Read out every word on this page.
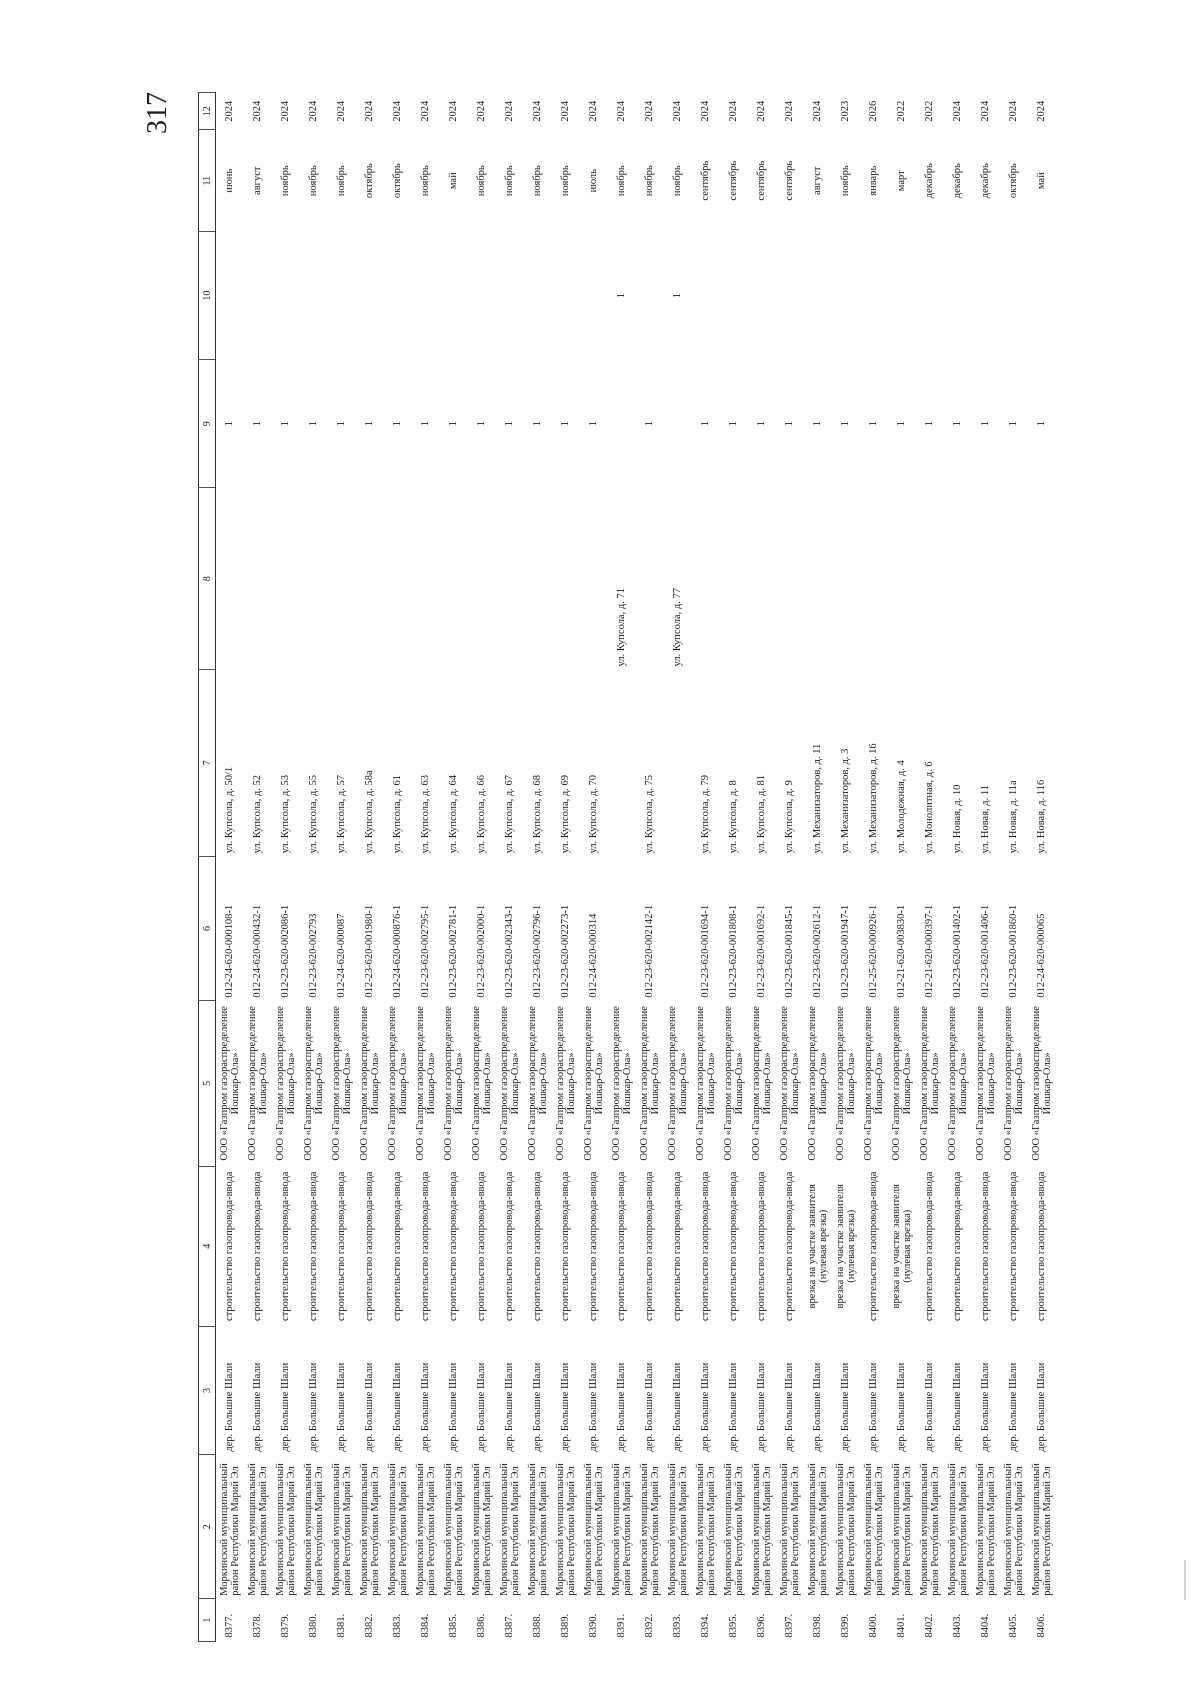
317
1	2	3	4	5	6	7	8	9	10	11	12
8377.	Моркинский муниципальный район Республики Марий Эл	дер. Большие Шали	строительство газопровода-ввода	ООО «Газпром газораспределение Йошкар-Ола»	012-24-620-000108-1	ул. Купсола, д. 50/1		1		июнь	2024
8378.	Моркинский муниципальный район Республики Марий Эл	дер. Большие Шали	строительство газопровода-ввода	ООО «Газпром газораспределение Йошкар-Ола»	012-24-620-000432-1	ул. Купсола, д. 52		1		август	2024
8379.	Моркинский муниципальный район Республики Марий Эл	дер. Большие Шали	строительство газопровода-ввода	ООО «Газпром газораспределение Йошкар-Ола»	012-23-620-002086-1	ул. Купсола, д. 53		1		ноябрь	2024
8380.	Моркинский муниципальный район Республики Марий Эл	дер. Большие Шали	строительство газопровода-ввода	ООО «Газпром газораспределение Йошкар-Ола»	012-23-620-002793	ул. Купсола, д. 55		1		ноябрь	2024
8381.	Моркинский муниципальный район Республики Марий Эл	дер. Большие Шали	строительство газопровода-ввода	ООО «Газпром газораспределение Йошкар-Ола»	012-24-620-000087	ул. Купсола, д. 57		1		ноябрь	2024
8382.	Моркинский муниципальный район Республики Марий Эл	дер. Большие Шали	строительство газопровода-ввода	ООО «Газпром газораспределение Йошкар-Ола»	012-23-620-001980-1	ул. Купсола, д. 58а		1		октябрь	2024
8383.	Моркинский муниципальный район Республики Марий Эл	дер. Большие Шали	строительство газопровода-ввода	ООО «Газпром газораспределение Йошкар-Ола»	012-24-620-000876-1	ул. Купсола, д. 61		1		октябрь	2024
8384.	Моркинский муниципальный район Республики Марий Эл	дер. Большие Шали	строительство газопровода-ввода	ООО «Газпром газораспределение Йошкар-Ола»	012-23-620-002795-1	ул. Купсола, д. 63		1		ноябрь	2024
8385.	Моркинский муниципальный район Республики Марий Эл	дер. Большие Шали	строительство газопровода-ввода	ООО «Газпром газораспределение Йошкар-Ола»	012-23-620-002781-1	ул. Купсола, д. 64		1		май	2024
8386.	Моркинский муниципальный район Республики Марий Эл	дер. Большие Шали	строительство газопровода-ввода	ООО «Газпром газораспределение Йошкар-Ола»	012-23-620-002000-1	ул. Купсола, д. 66		1		ноябрь	2024
8387.	Моркинский муниципальный район Республики Марий Эл	дер. Большие Шали	строительство газопровода-ввода	ООО «Газпром газораспределение Йошкар-Ола»	012-23-620-002343-1	ул. Купсола, д. 67		1		ноябрь	2024
8388.	Моркинский муниципальный район Республики Марий Эл	дер. Большие Шали	строительство газопровода-ввода	ООО «Газпром газораспределение Йошкар-Ола»	012-23-620-002796-1	ул. Купсола, д. 68		1		ноябрь	2024
8389.	Моркинский муниципальный район Республики Марий Эл	дер. Большие Шали	строительство газопровода-ввода	ООО «Газпром газораспределение Йошкар-Ола»	012-23-620-002273-1	ул. Купсола, д. 69		1		ноябрь	2024
8390.	Моркинский муниципальный район Республики Марий Эл	дер. Большие Шали	строительство газопровода-ввода	ООО «Газпром газораспределение Йошкар-Ола»	012-24-620-000314	ул. Купсола, д. 70		1		июль	2024
8391.	Моркинский муниципальный район Республики Марий Эл	дер. Большие Шали	строительство газопровода-ввода	ООО «Газпром газораспределение Йошкар-Ола»			ул. Купсола, д. 71		1	ноябрь	2024
8392.	Моркинский муниципальный район Республики Марий Эл	дер. Большие Шали	строительство газопровода-ввода	ООО «Газпром газораспределение Йошкар-Ола»	012-23-620-002142-1	ул. Купсола, д. 75		1		ноябрь	2024
8393.	Моркинский муниципальный район Республики Марий Эл	дер. Большие Шали	строительство газопровода-ввода	ООО «Газпром газораспределение Йошкар-Ола»			ул. Купсола, д. 77		1	ноябрь	2024
8394.	Моркинский муниципальный район Республики Марий Эл	дер. Большие Шали	строительство газопровода-ввода	ООО «Газпром газораспределение Йошкар-Ола»	012-23-620-001694-1	ул. Купсола, д. 79		1		сентябрь	2024
8395.	Моркинский муниципальный район Республики Марий Эл	дер. Большие Шали	строительство газопровода-ввода	ООО «Газпром газораспределение Йошкар-Ола»	012-23-620-001808-1	ул. Купсола, д. 8		1		сентябрь	2024
8396.	Моркинский муниципальный район Республики Марий Эл	дер. Большие Шали	строительство газопровода-ввода	ООО «Газпром газораспределение Йошкар-Ола»	012-23-620-001692-1	ул. Купсола, д. 81		1		сентябрь	2024
8397.	Моркинский муниципальный район Республики Марий Эл	дер. Большие Шали	строительство газопровода-ввода	ООО «Газпром газораспределение Йошкар-Ола»	012-23-620-001845-1	ул. Купсола, д. 9		1		сентябрь	2024
8398.	Моркинский муниципальный район Республики Марий Эл	дер. Большие Шали	врезка на участке заявителя (нулевая врезка)	ООО «Газпром газораспределение Йошкар-Ола»	012-23-620-002612-1	ул. Механизаторов, д. 11		1		август	2024
8399.	Моркинский муниципальный район Республики Марий Эл	дер. Большие Шали	врезка на участке заявителя (нулевая врезка)	ООО «Газпром газораспределение Йошкар-Ола»	012-23-620-001947-1	ул. Механизаторов, д. 3		1		ноябрь	2023
8400.	Моркинский муниципальный район Республики Марий Эл	дер. Большие Шали	строительство газопровода-ввода	ООО «Газпром газораспределение Йошкар-Ола»	012-25-620-000926-1	ул. Механизаторов, д. 16		1		январь	2026
8401.	Моркинский муниципальный район Республики Марий Эл	дер. Большие Шали	врезка на участке заявителя (нулевая врезка)	ООО «Газпром газораспределение Йошкар-Ола»	012-21-620-003830-1	ул. Молодежная, д. 4		1		март	2022
8402.	Моркинский муниципальный район Республики Марий Эл	дер. Большие Шали	строительство газопровода-ввода	ООО «Газпром газораспределение Йошкар-Ола»	012-21-620-000397-1	ул. Монолитная, д. 6		1		декабрь	2022
8403.	Моркинский муниципальный район Республики Марий Эл	дер. Большие Шали	строительство газопровода-ввода	ООО «Газпром газораспределение Йошкар-Ола»	012-23-620-001402-1	ул. Новая, д. 10		1		декабрь	2024
8404.	Моркинский муниципальный район Республики Марий Эл	дер. Большие Шали	строительство газопровода-ввода	ООО «Газпром газораспределение Йошкар-Ола»	012-23-620-001406-1	ул. Новая, д. 11		1		декабрь	2024
8405.	Моркинский муниципальный район Республики Марий Эл	дер. Большие Шали	строительство газопровода-ввода	ООО «Газпром газораспределение Йошкар-Ола»	012-23-620-001860-1	ул. Новая, д. 11а		1		октябрь	2024
8406.	Моркинский муниципальный район Республики Марий Эл	дер. Большие Шали	строительство газопровода-ввода	ООО «Газпром газораспределение Йошкар-Ола»	012-24-620-000065	ул. Новая, д. 116		1		май	2024
